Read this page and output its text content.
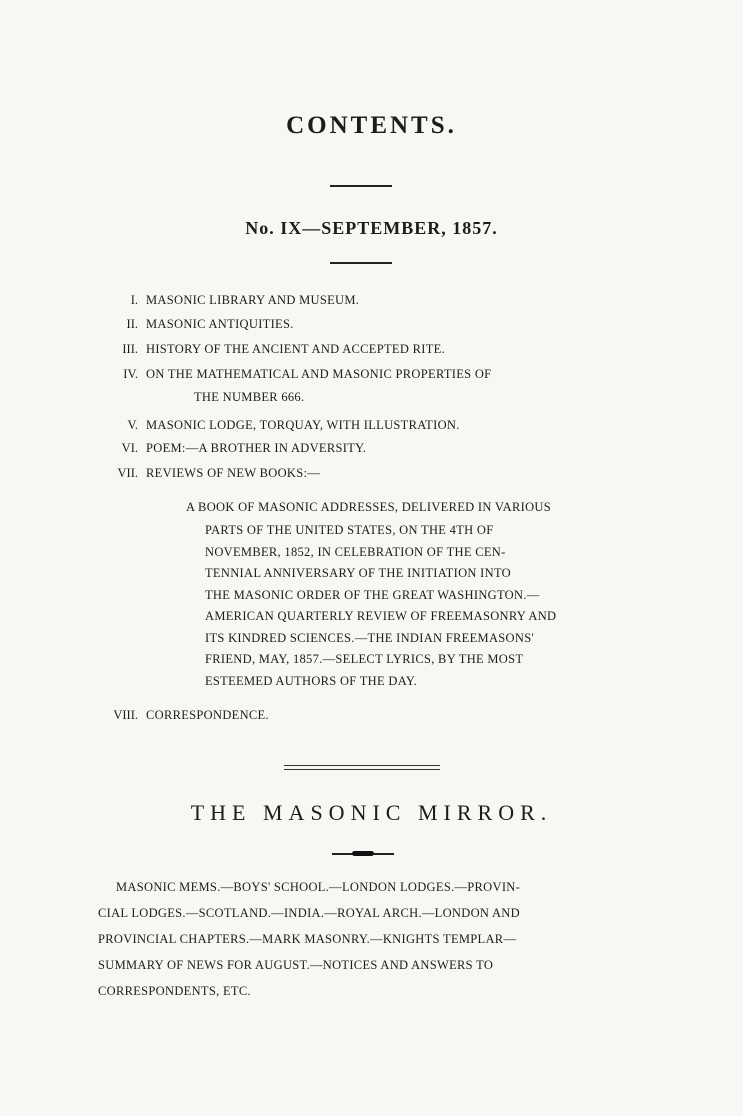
CONTENTS.
No. IX—SEPTEMBER, 1857.
I. MASONIC LIBRARY AND MUSEUM.
II. MASONIC ANTIQUITIES.
III. HISTORY OF THE ANCIENT AND ACCEPTED RITE.
IV. ON THE MATHEMATICAL AND MASONIC PROPERTIES OF
THE NUMBER 666.
V. MASONIC LODGE, TORQUAY, WITH ILLUSTRATION.
VI. POEM:—A BROTHER IN ADVERSITY.
VII. REVIEWS OF NEW BOOKS:—
A BOOK OF MASONIC ADDRESSES, DELIVERED IN VARIOUS
PARTS OF THE UNITED STATES, ON THE 4TH OF
NOVEMBER, 1852, IN CELEBRATION OF THE CEN-
TENNIAL ANNIVERSARY OF THE INITIATION INTO
THE MASONIC ORDER OF THE GREAT WASHINGTON.—
AMERICAN QUARTERLY REVIEW OF FREEMASONRY AND
ITS KINDRED SCIENCES.—THE INDIAN FREEMASONS'
FRIEND, MAY, 1857.—SELECT LYRICS, BY THE MOST
ESTEEMED AUTHORS OF THE DAY.
VIII. CORRESPONDENCE.
THE MASONIC MIRROR.
MASONIC MEMS.—BOYS' SCHOOL.—LONDON LODGES.—PROVIN-
CIAL LODGES.—SCOTLAND.—INDIA.—ROYAL ARCH.—LONDON AND
PROVINCIAL CHAPTERS.—MARK MASONRY.—KNIGHTS TEMPLAR—
SUMMARY OF NEWS FOR AUGUST.—NOTICES AND ANSWERS TO
CORRESPONDENTS, ETC.
